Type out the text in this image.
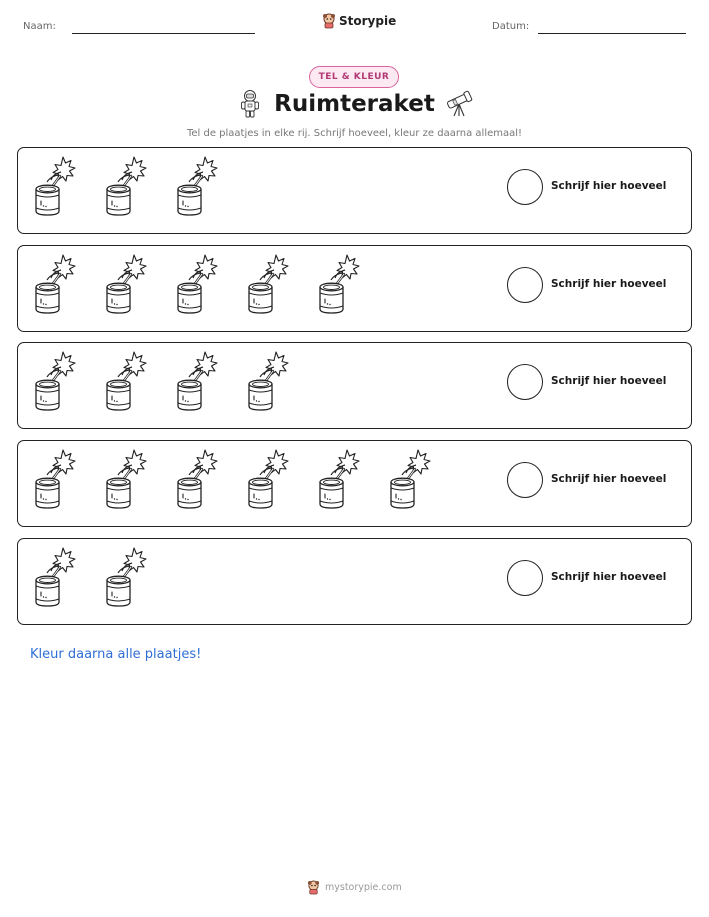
Naam:	Storypie	Datum:
TEL & KLEUR
Ruimteraket
Tel de plaatjes in elke rij. Schrijf hoeveel, kleur ze daarna allemaal!
Schrijf hier hoeveel
Schrijf hier hoeveel
Schrijf hier hoeveel
Schrijf hier hoeveel
Schrijf hier hoeveel
Kleur daarna alle plaatjes!
mystorypie.com
